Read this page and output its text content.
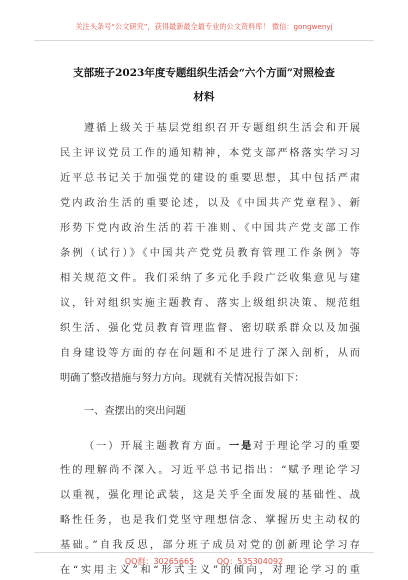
关注头条号“公文研究”，获得最新最全最专业的公文资料库！ 微信：gongwenyj
支部班子2023年度专题组织生活会“六个方面”对照检查
材料
遵循上级关于基层党组织召开专题组织生活会和开展
民主评议党员工作的通知精神，本党支部严格落实学习习
近平总书记关于加强党的建设的重要思想，其中包括严肃
党内政治生活的重要论述，以及《中国共产党章程》、新
形势下党内政治生活的若干准则、《中国共产党支部工作
条例（试行）》《中国共产党党员教育管理工作条例》等
相关规范文件。我们采纳了多元化手段广泛收集意见与建
议，针对组织实施主题教育、落实上级组织决策、规范组
织生活、强化党员教育管理监督、密切联系群众以及加强
自身建设等方面的存在问题和不足进行了深入剖析，从而
明确了整改措施与努力方向。现就有关情况报告如下：
一、查摆出的突出问题
（一）开展主题教育方面。一是对于理论学习的重要
性的理解尚不深入。习近平总书记指出：“赋予理论学习
以重视，强化理论武装，这是关乎全面发展的基础性、战
略性任务，也是我们党坚守理想信念、掌握历史主动权的
基础。”自我反思，部分班子成员对党的创新理论学习存
在“实用主义”和“形式主义”的倾向，对理论学习的重
QQ群：30265665	QQ：535304092
